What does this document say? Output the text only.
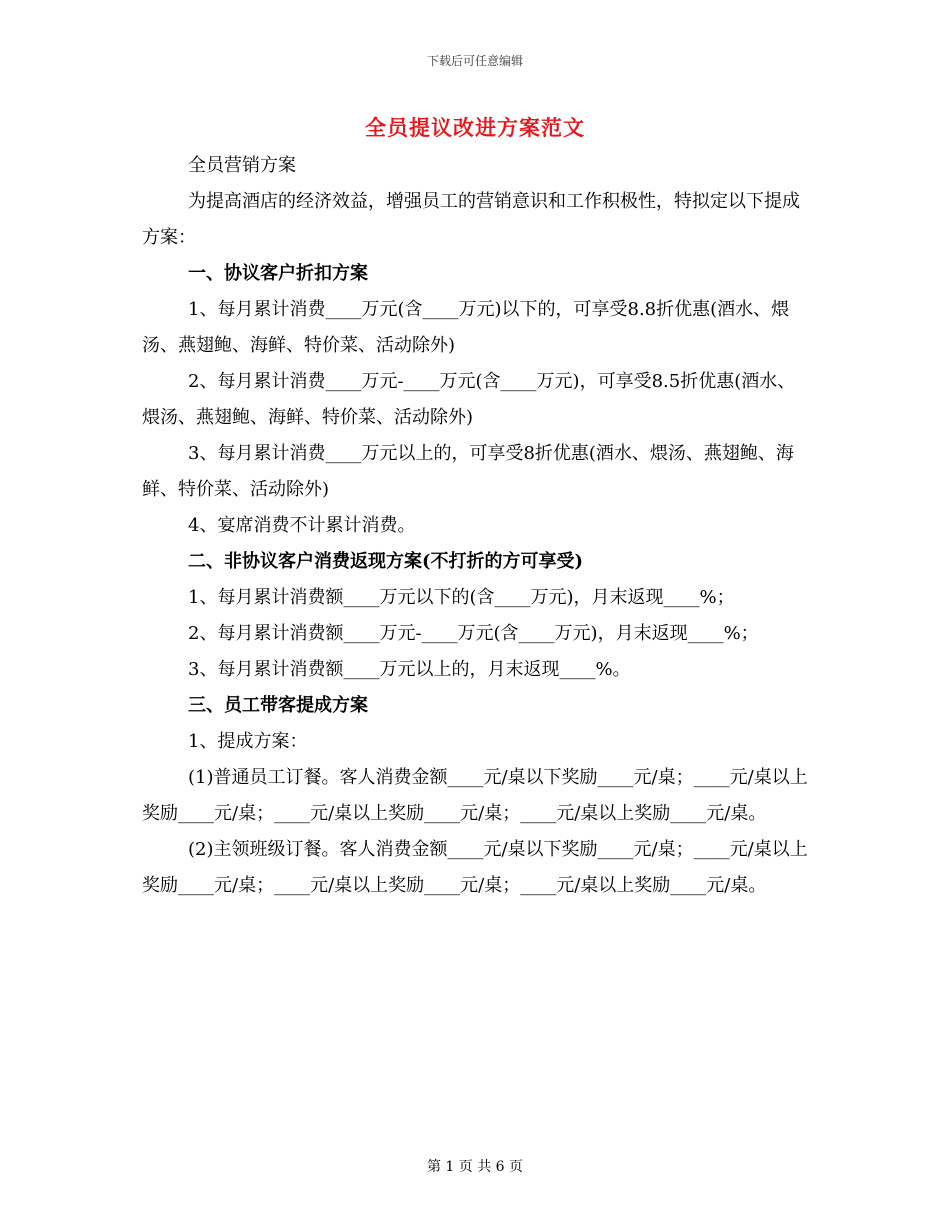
下载后可任意编辑
全员提议改进方案范文

全员营销方案

为提高酒店的经济效益，增强员工的营销意识和工作积极性，特拟定以下提成方案：

一、协议客户折扣方案

1、每月累计消费____万元(含____万元)以下的，可享受8.8折优惠(酒水、煨汤、燕翅鲍、海鲜、特价菜、活动除外)

2、每月累计消费____万元-____万元(含____万元)，可享受8.5折优惠(酒水、煨汤、燕翅鲍、海鲜、特价菜、活动除外)

3、每月累计消费____万元以上的，可享受8折优惠(酒水、煨汤、燕翅鲍、海鲜、特价菜、活动除外)

4、宴席消费不计累计消费。

二、非协议客户消费返现方案(不打折的方可享受)

1、每月累计消费额____万元以下的(含____万元)，月末返现____%；

2、每月累计消费额____万元-____万元(含____万元)，月末返现____%；

3、每月累计消费额____万元以上的，月末返现____%。

三、员工带客提成方案

1、提成方案：

(1)普通员工订餐。客人消费金额____元/桌以下奖励____元/桌；____元/桌以上奖励____元/桌；____元/桌以上奖励____元/桌；____元/桌以上奖励____元/桌。

(2)主领班级订餐。客人消费金额____元/桌以下奖励____元/桌；____元/桌以上奖励____元/桌；____元/桌以上奖励____元/桌；____元/桌以上奖励____元/桌。

第 1 页 共 6 页
